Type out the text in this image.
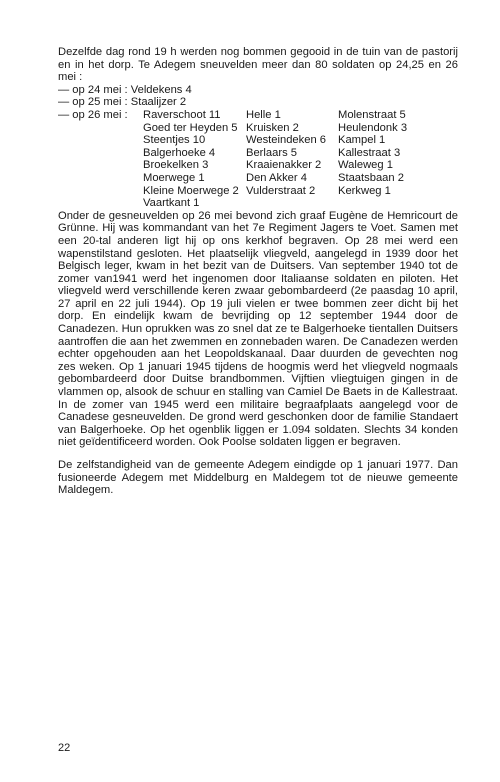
Dezelfde dag rond 19 h werden nog bommen gegooid in de tuin van de pastorij en in het dorp. Te Adegem sneuvelden meer dan 80 soldaten op 24,25 en 26 mei :

— op 24 mei : Veldekens 4
— op 25 mei : Staalijzer 2
— op 26 mei :	Raverschoot 11	Helle 1	Molenstraat 5
Goed ter Heyden 5 Kruisken 2	Heulendonk 3
Steentjes 10	Westeindeken 6	Kampel 1
Balgerhoeke 4	Berlaars 5	Kallestraat 3
Broekelken 3	Kraaienakker 2	Waleweg 1
Moerwege 1	Den Akker 4	Staatsbaan 2
Kleine Moerwege 2 Vulderstraat 2	Kerkweg 1
Vaartkant 1

Onder de gesneuvelden op 26 mei bevond zich graaf Eugène de Hemricourt de Grünne. Hij was kommandant van het 7e Regiment Jagers te Voet. Samen met een 20-tal anderen ligt hij op ons kerkhof begraven. Op 28 mei werd een wapenstilstand gesloten. Het plaatselijk vliegveld, aangelegd in 1939 door het Belgisch leger, kwam in het bezit van de Duitsers. Van september 1940 tot de zomer van1941 werd het ingenomen door Italiaanse soldaten en piloten. Het vliegveld werd verschillende keren zwaar gebombardeerd (2e paasdag 10 april, 27 april en 22 juli 1944). Op 19 juli vielen er twee bommen zeer dicht bij het dorp. En eindelijk kwam de bevrijding op 12 september 1944 door de Canadezen. Hun oprukken was zo snel dat ze te Balgerhoeke tientallen Duitsers aantroffen die aan het zwemmen en zonnebaden waren. De Canadezen werden echter opgehouden aan het Leopoldskanaal. Daar duurden de gevechten nog zes weken. Op 1 januari 1945 tijdens de hoogmis werd het vliegveld nogmaals gebombardeerd door Duitse brandbommen. Vijftien vliegtuigen gingen in de vlammen op, alsook de schuur en stalling van Camiel De Baets in de Kallestraat. In de zomer van 1945 werd een militaire begraafplaats aangelegd voor de Canadese gesneuvelden. De grond werd geschonken door de familie Standaert van Balgerhoeke. Op het ogenblik liggen er 1.094 soldaten. Slechts 34 konden niet geïdentificeerd worden. Ook Poolse soldaten liggen er begraven.

De zelfstandigheid van de gemeente Adegem eindigde op 1 januari 1977. Dan fusioneerde Adegem met Middelburg en Maldegem tot de nieuwe gemeente Maldegem.

22
